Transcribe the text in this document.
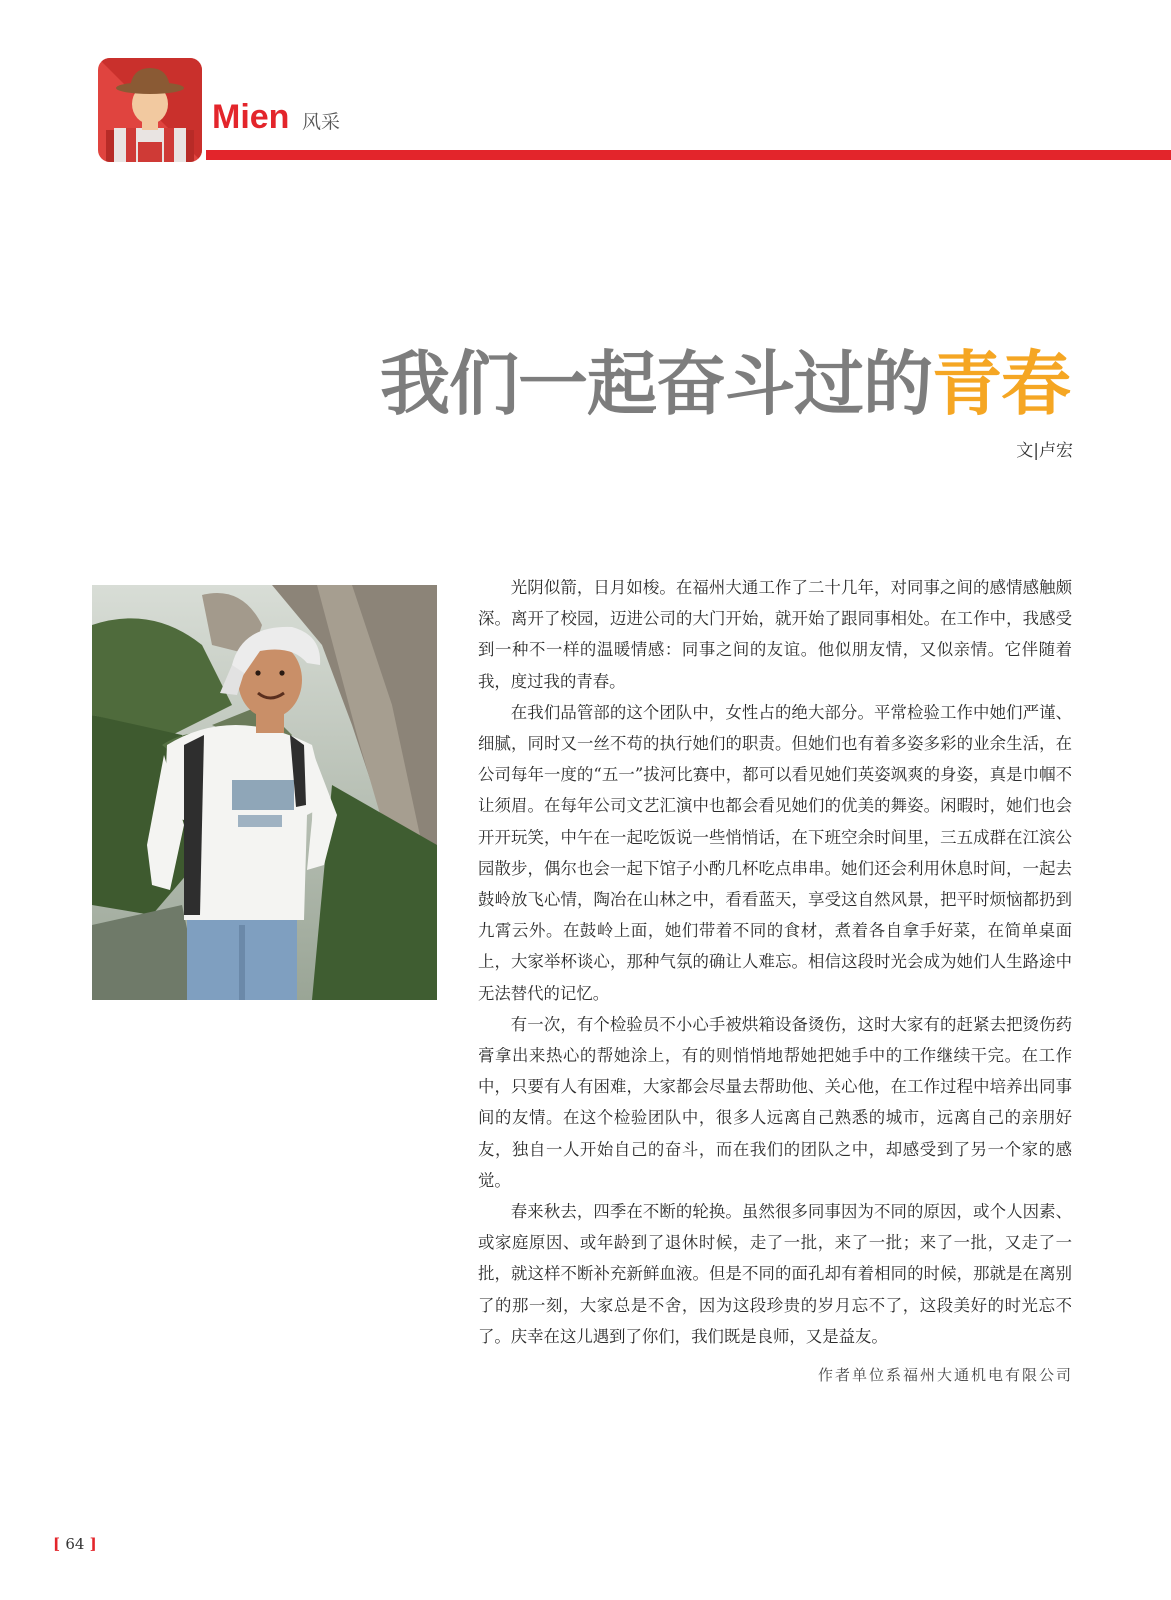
Mien 风采
我们一起奋斗过的青春
文|卢宏

光阴似箭，日月如梭。在福州大通工作了二十几年，对同事之间的感情感触颇深。离开了校园，迈进公司的大门开始，就开始了跟同事相处。在工作中，我感受到一种不一样的温暖情感：同事之间的友谊。他似朋友情，又似亲情。它伴随着我，度过我的青春。

在我们品管部的这个团队中，女性占的绝大部分。平常检验工作中她们严谨、细腻，同时又一丝不苟的执行她们的职责。但她们也有着多姿多彩的业余生活，在公司每年一度的“五一”拔河比赛中，都可以看见她们英姿飒爽的身姿，真是巾帼不让须眉。在每年公司文艺汇演中也都会看见她们的优美的舞姿。闲暇时，她们也会开开玩笑，中午在一起吃饭说一些悄悄话，在下班空余时间里，三五成群在江滨公园散步，偶尔也会一起下馆子小酌几杯吃点串串。她们还会利用休息时间，一起去鼓岭放飞心情，陶冶在山林之中，看看蓝天，享受这自然风景，把平时烦恼都扔到九霄云外。在鼓岭上面，她们带着不同的食材，煮着各自拿手好菜，在简单桌面上，大家举杯谈心，那种气氛的确让人难忘。相信这段时光会成为她们人生路途中无法替代的记忆。

有一次，有个检验员不小心手被烘箱设备烫伤，这时大家有的赶紧去把烫伤药膏拿出来热心的帮她涂上，有的则悄悄地帮她把她手中的工作继续干完。在工作中，只要有人有困难，大家都会尽量去帮助他、关心他，在工作过程中培养出同事间的友情。在这个检验团队中，很多人远离自己熟悉的城市，远离自己的亲朋好友，独自一人开始自己的奋斗，而在我们的团队之中，却感受到了另一个家的感觉。

春来秋去，四季在不断的轮换。虽然很多同事因为不同的原因，或个人因素、或家庭原因、或年龄到了退休时候，走了一批，来了一批；来了一批，又走了一批，就这样不断补充新鲜血液。但是不同的面孔却有着相同的时候，那就是在离别了的那一刻，大家总是不舍，因为这段珍贵的岁月忘不了，这段美好的时光忘不了。庆幸在这儿遇到了你们，我们既是良师，又是益友。

作者单位系福州大通机电有限公司
[ 64 ]
